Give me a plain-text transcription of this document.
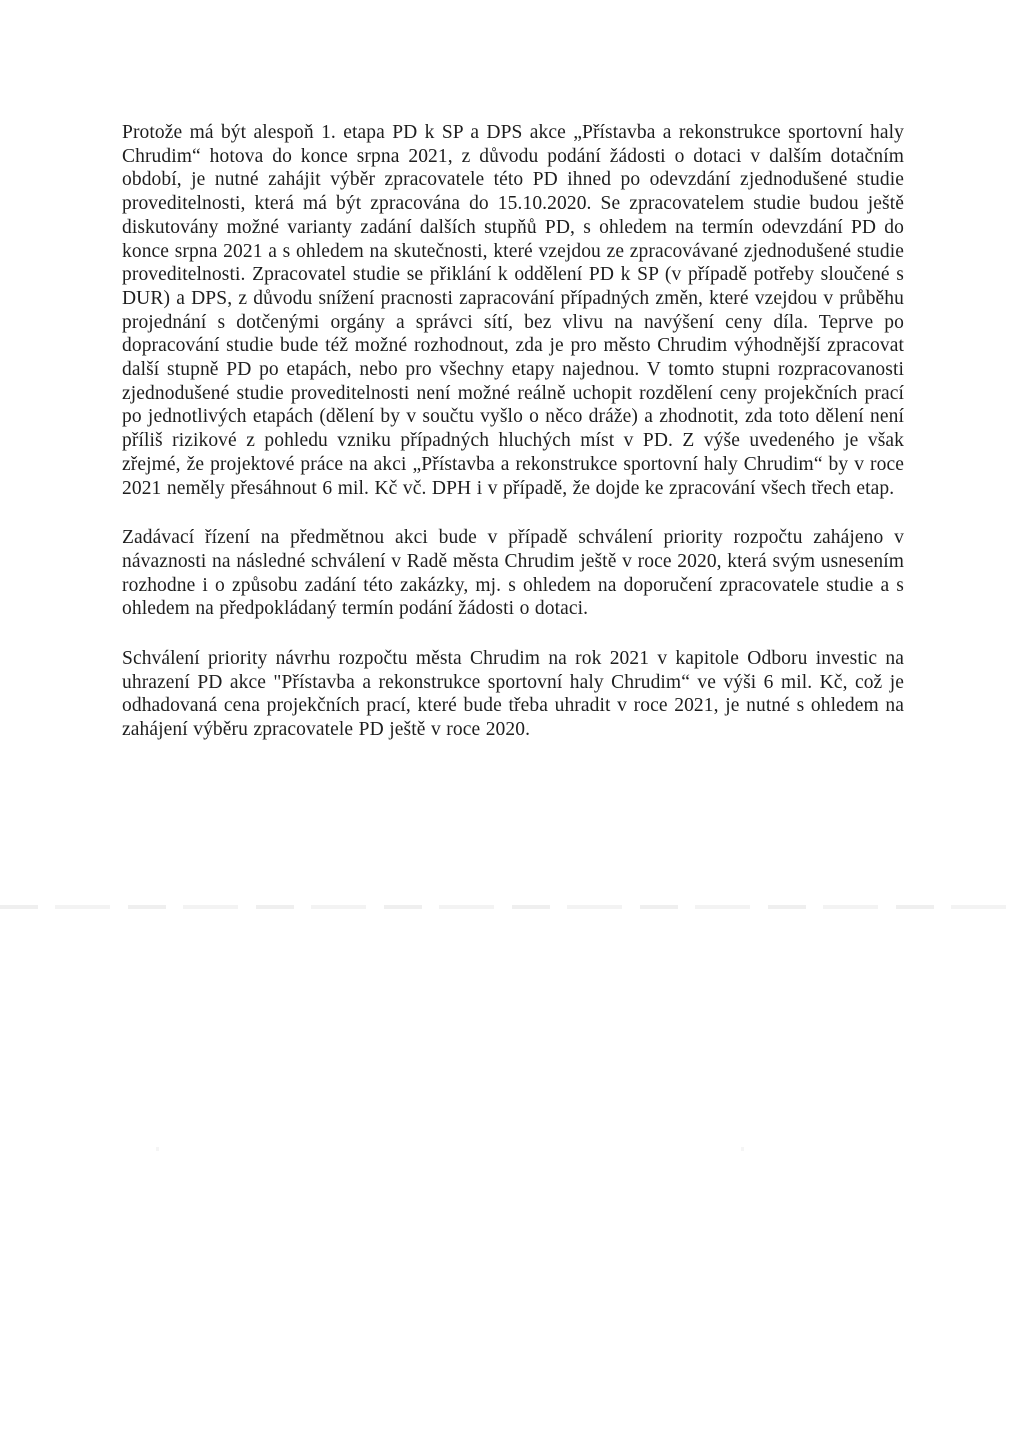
Protože má být alespoň 1. etapa PD k SP a DPS akce „Přístavba a rekonstrukce sportovní haly Chrudim“ hotova do konce srpna 2021, z důvodu podání žádosti o dotaci v dalším dotačním období, je nutné zahájit výběr zpracovatele této PD ihned po odevzdání zjednodušené studie proveditelnosti, která má být zpracována do 15.10.2020. Se zpracovatelem studie budou ještě diskutovány možné varianty zadání dalších stupňů PD, s ohledem na termín odevzdání PD do konce srpna 2021 a s ohledem na skutečnosti, které vzejdou ze zpracovávané zjednodušené studie proveditelnosti. Zpracovatel studie se přiklání k oddělení PD k SP (v případě potřeby sloučené s DUR) a DPS, z důvodu snížení pracnosti zapracování případných změn, které vzejdou v průběhu projednání s dotčenými orgány a správci sítí, bez vlivu na navýšení ceny díla. Teprve po dopracování studie bude též možné rozhodnout, zda je pro město Chrudim výhodnější zpracovat další stupně PD po etapách, nebo pro všechny etapy najednou. V tomto stupni rozpracovanosti zjednodušené studie proveditelnosti není možné reálně uchopit rozdělení ceny projekčních prací po jednotlivých etapách (dělení by v součtu vyšlo o něco dráže) a zhodnotit, zda toto dělení není příliš rizikové z pohledu vzniku případných hluchých míst v PD. Z výše uvedeného je však zřejmé, že projektové práce na akci „Přístavba a rekonstrukce sportovní haly Chrudim“ by v roce 2021 neměly přesáhnout 6 mil. Kč vč. DPH i v případě, že dojde ke zpracování všech třech etap.

Zadávací řízení na předmětnou akci bude v případě schválení priority rozpočtu zahájeno v návaznosti na následné schválení v Radě města Chrudim ještě v roce 2020, která svým usnesením rozhodne i o způsobu zadání této zakázky, mj. s ohledem na doporučení zpracovatele studie a s ohledem na předpokládaný termín podání žádosti o dotaci.

Schválení priority návrhu rozpočtu města Chrudim na rok 2021 v kapitole Odboru investic na uhrazení PD akce "Přístavba a rekonstrukce sportovní haly Chrudim“ ve výši 6 mil. Kč, což je odhadovaná cena projekčních prací, které bude třeba uhradit v roce 2021, je nutné s ohledem na zahájení výběru zpracovatele PD ještě v roce 2020.
